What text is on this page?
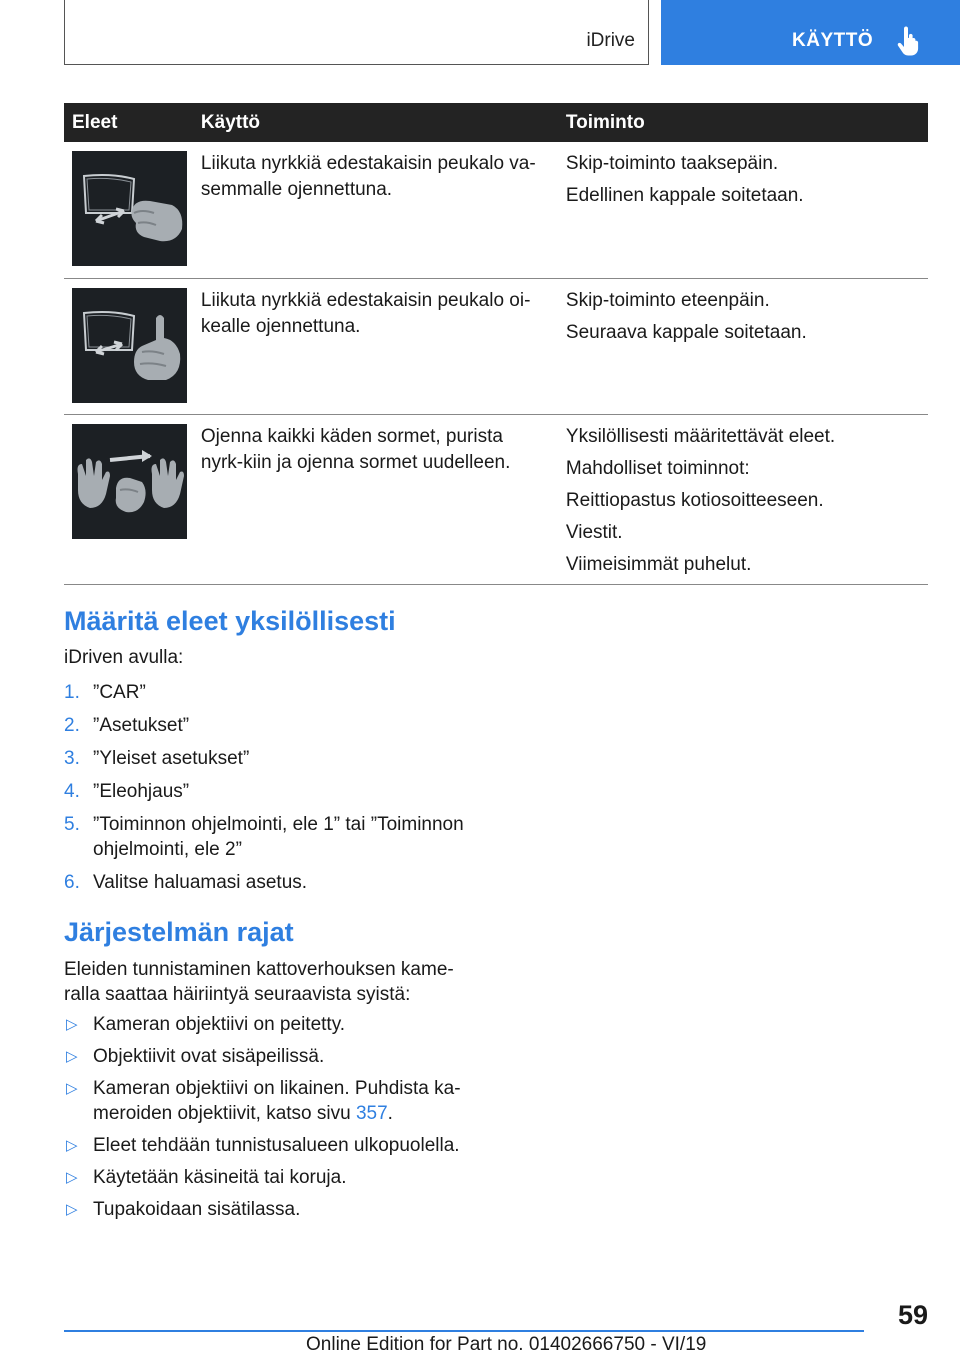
iDrive	KÄYTTÖ
Eleet	Käyttö	Toiminto

Liikuta nyrkkiä edestakaisin peukalo va-semmalle ojennettuna.	Skip-toiminto taaksepäin.

Edellinen kappale soitetaan.

Liikuta nyrkkiä edestakaisin peukalo oi-kealle ojennettuna.	Skip-toiminto eteenpäin.

Seuraava kappale soitetaan.

Ojenna kaikki käden sormet, purista nyrk-kiin ja ojenna sormet uudelleen.	Yksilöllisesti määritettävät eleet.

Mahdolliset toiminnot:

Reittiopastus kotiosoitteeseen.

Viestit.

Viimeisimmät puhelut.

Määritä eleet yksilöllisesti
iDriven avulla:
1. ”CAR”
2. ”Asetukset”
3. ”Yleiset asetukset”
4. ”Eleohjaus”
5. ”Toiminnon ohjelmointi, ele 1” tai ”Toiminnon ohjelmointi, ele 2”
6. Valitse haluamasi asetus.
Järjestelmän rajat
Eleiden tunnistaminen kattoverhouksen kame-ralla saattaa häiriintyä seuraavista syistä:
▷ Kameran objektiivi on peitetty.
▷ Objektiivit ovat sisäpeilissä.
▷ Kameran objektiivi on likainen. Puhdista ka-meroiden objektiivit, katso sivu 357.
▷ Eleet tehdään tunnistusalueen ulkopuolella.
▷ Käytetään käsineitä tai koruja.
▷ Tupakoidaan sisätilassa.
59
Online Edition for Part no. 01402666750 - VI/19
